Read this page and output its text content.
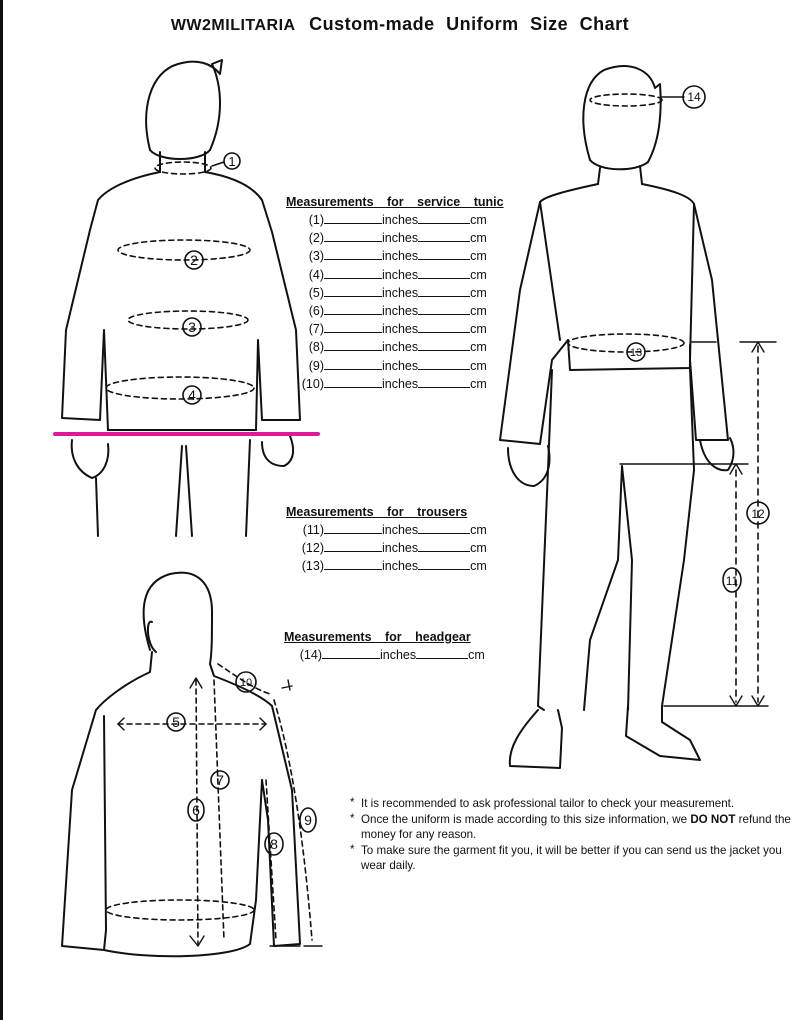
WW2MILITARIA Custom-made Uniform Size Chart
1
2
3
4
5
6
7
8
9
10
11
12
13
14
Measurements for service tunic
(1)	inches	cm
(2)	inches	cm
(3)	inches	cm
(4)	inches	cm
(5)	inches	cm
(6)	inches	cm
(7)	inches	cm
(8)	inches	cm
(9)	inches	cm
(10)	inches	cm
Measurements for trousers
(11)	inches	cm
(12)	inches	cm
(13)	inches	cm
Measurements for headgear
(14)	inches	cm
* It is recommended to ask professional tailor to check your measurement.
* Once the uniform is made according to this size information, we DO NOT refund the money for any reason.
* To make sure the garment fit you, it will be better if you can send us the jacket you wear daily.
